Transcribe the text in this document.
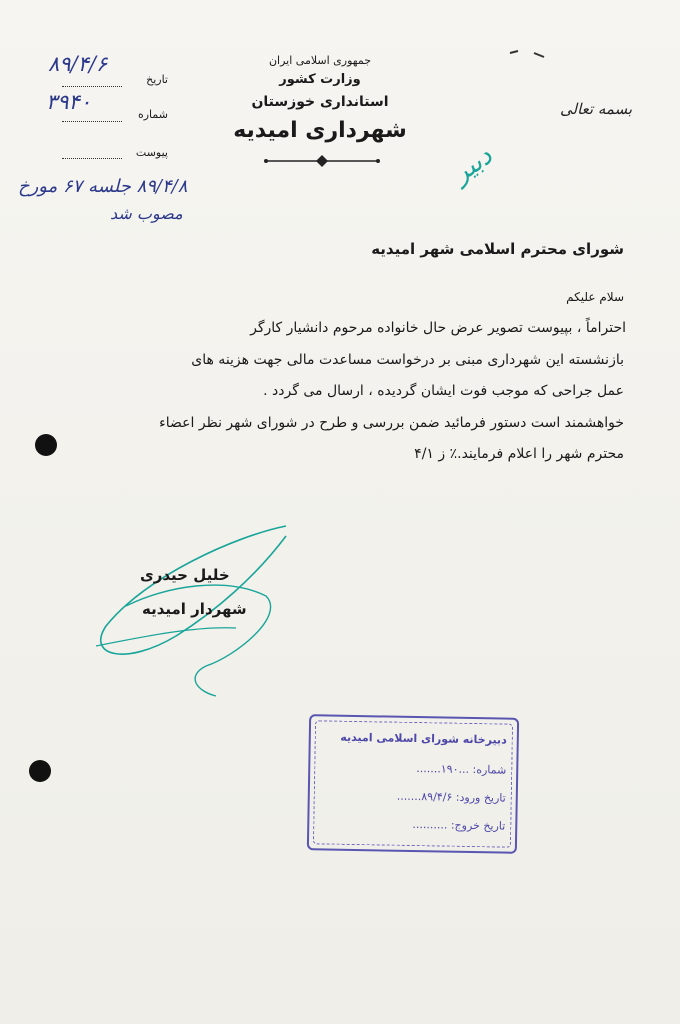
جمهوری اسلامی ایران
وزارت کشور
استانداری خوزستان
شهرداری امیدیه
بسمه تعالی
تاریخ
۸۹/۴/۶
شماره
۳۹۴۰
پیوست
۸۹/۴/۸ جلسه ۶۷ مورخ
مصوب شد
دبیر
شورای محترم اسلامی شهر امیدیه
سلام علیکم
احتراماً ، بپیوست تصویر عرض حال خانواده مرحوم دانشیار کارگر
بازنشسته این شهرداری مبنی بر درخواست مساعدت مالی جهت هزینه های
عمل جراحی که موجب فوت ایشان گردیده ، ارسال می گردد .
خواهشمند است دستور فرمائید ضمن بررسی و طرح در شورای شهر نظر اعضاء
محترم شهر را اعلام فرمایند.٪ ز ۴/۱
خلیل حیدری
شهردار امیدیه
دبیرخانه شورای اسلامی امیدیه
شماره: ...۱۹۰.......
تاریخ ورود: ۸۹/۴/۶.......
تاریخ خروج: ..........
